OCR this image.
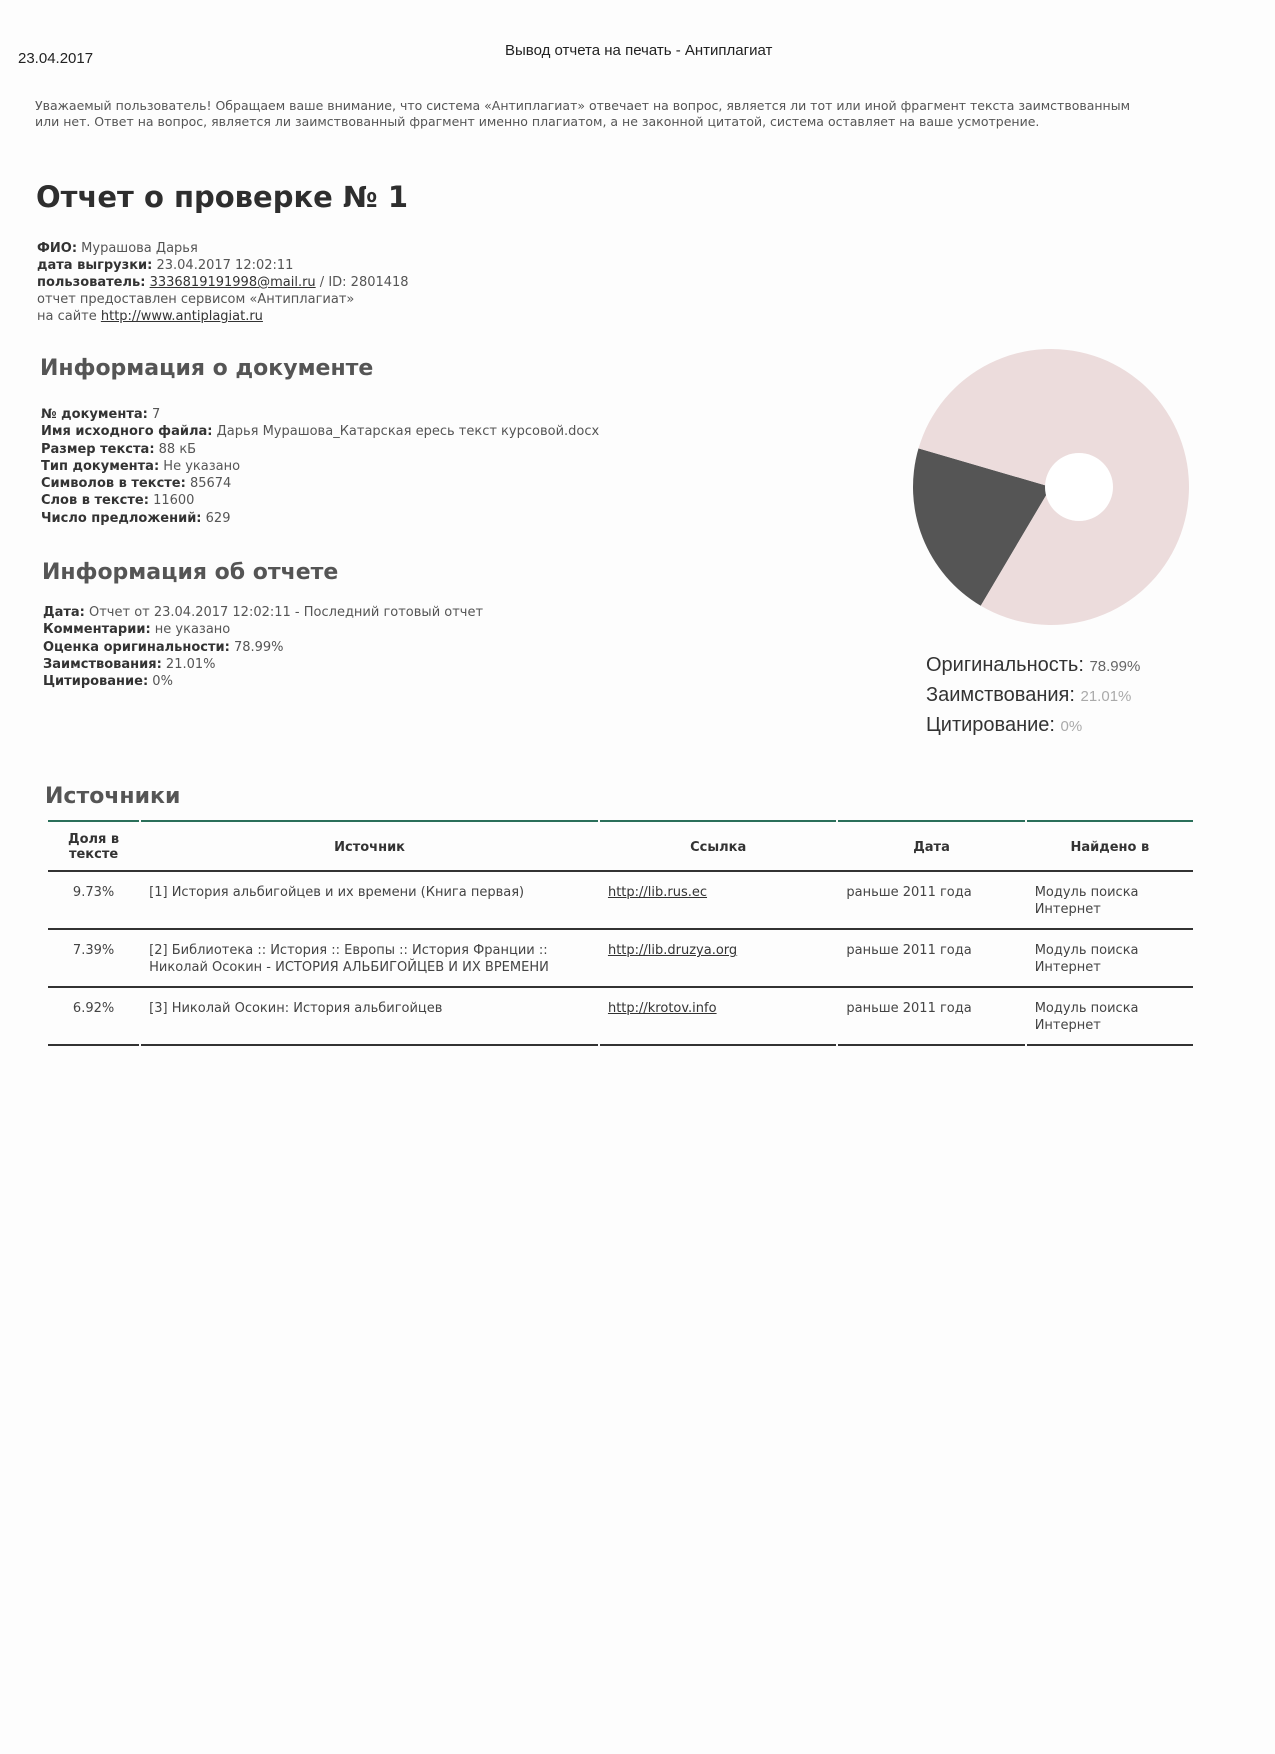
23.04.2017	Вывод отчета на печать - Антиплагиат
Уважаемый пользователь! Обращаем ваше внимание, что система «Антиплагиат» отвечает на вопрос, является ли тот или иной фрагмент текста заимствованным или нет. Ответ на вопрос, является ли заимствованный фрагмент именно плагиатом, а не законной цитатой, система оставляет на ваше усмотрение.
Отчет о проверке № 1
ФИО: Мурашова Дарья
дата выгрузки: 23.04.2017 12:02:11
пользователь: 3336819191998@mail.ru / ID: 2801418
отчет предоставлен сервисом «Антиплагиат»
на сайте http://www.antiplagiat.ru
Информация о документе
№ документа: 7
Имя исходного файла: Дарья Мурашова_Катарская ересь текст курсовой.docx
Размер текста: 88 кБ
Тип документа: Не указано
Символов в тексте: 85674
Слов в тексте: 11600
Число предложений: 629
Информация об отчете
Дата: Отчет от 23.04.2017 12:02:11 - Последний готовый отчет
Комментарии: не указано
Оценка оригинальности: 78.99%
Заимствования: 21.01%
Цитирование: 0%
Оригинальность: 78.99%
Заимствования: 21.01%
Цитирование: 0%
Источники
Доля в тексте	Источник	Ссылка	Дата	Найдено в
9.73%	[1] История альбигойцев и их времени (Книга первая)	http://lib.rus.ec	раньше 2011 года	Модуль поиска Интернет
7.39%	[2] Библиотека :: История :: Европы :: История Франции :: Николай Осокин - ИСТОРИЯ АЛЬБИГОЙЦЕВ И ИХ ВРЕМЕНИ	http://lib.druzya.org	раньше 2011 года	Модуль поиска Интернет
6.92%	[3] Николай Осокин: История альбигойцев	http://krotov.info	раньше 2011 года	Модуль поиска Интернет
